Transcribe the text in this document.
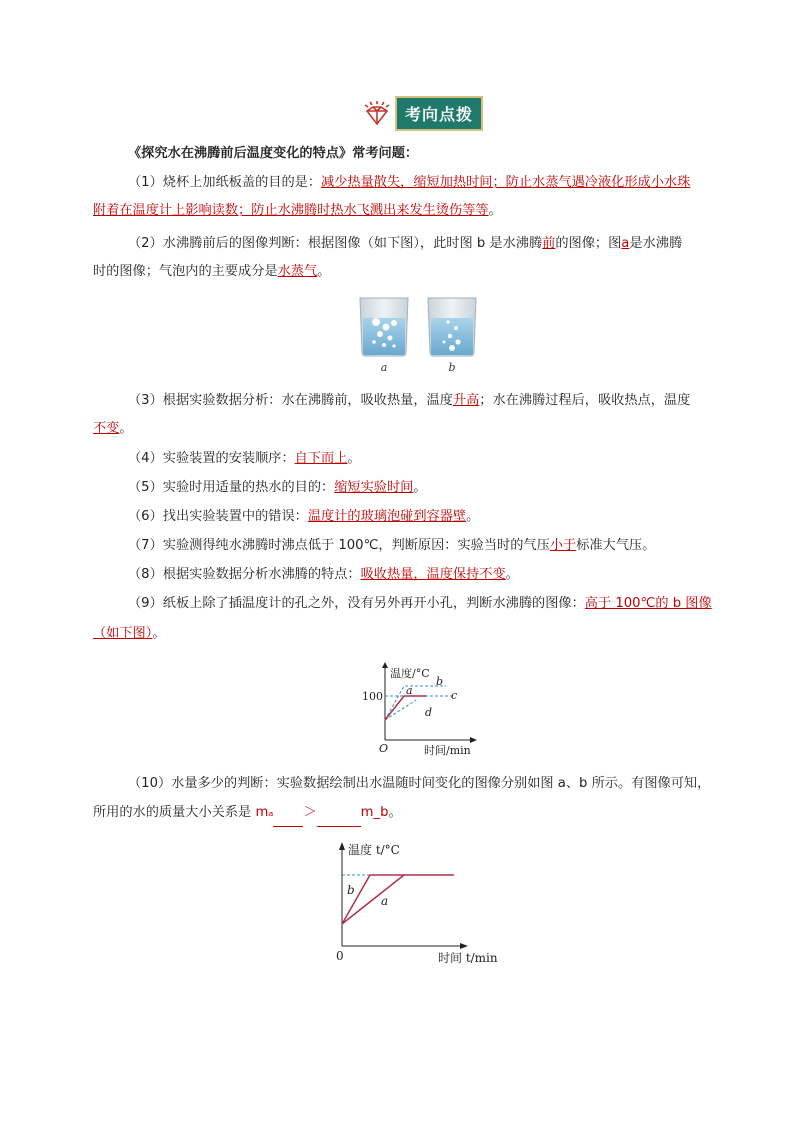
考向点拨
《探究水在沸腾前后温度变化的特点》常考问题：
（1）烧杯上加纸板盖的目的是：减少热量散失，缩短加热时间；防止水蒸气遇冷液化形成小水珠
附着在温度计上影响读数；防止水沸腾时热水飞溅出来发生烫伤等等。
（2）水沸腾前后的图像判断：根据图像（如下图），此时图 b 是水沸腾前的图像；图a是水沸腾
时的图像；气泡内的主要成分是水蒸气。
a	b
（3）根据实验数据分析：水在沸腾前，吸收热量，温度升高；水在沸腾过程后，吸收热点，温度
不变。
（4）实验装置的安装顺序：自下而上。
（5）实验时用适量的热水的目的：缩短实验时间。
（6）找出实验装置中的错误：温度计的玻璃泡碰到容器壁。
（7）实验测得纯水沸腾时沸点低于 100℃，判断原因：实验当时的气压小于标准大气压。
（8）根据实验数据分析水沸腾的特点：吸收热量，温度保持不变。
（9）纸板上除了插温度计的孔之外，没有另外再开小孔，判断水沸腾的图像：高于 100℃的 b 图像
（如下图）。
温度/°C
时间/min
O
100 a
b
c
d
（10）水量多少的判断：实验数据绘制出水温随时间变化的图像分别如图 a、b 所示。有图像可知，
所用的水的质量大小关系是 mₐ ＞	m_b。
温度 t/°C
时间 t/min
0
a
b
